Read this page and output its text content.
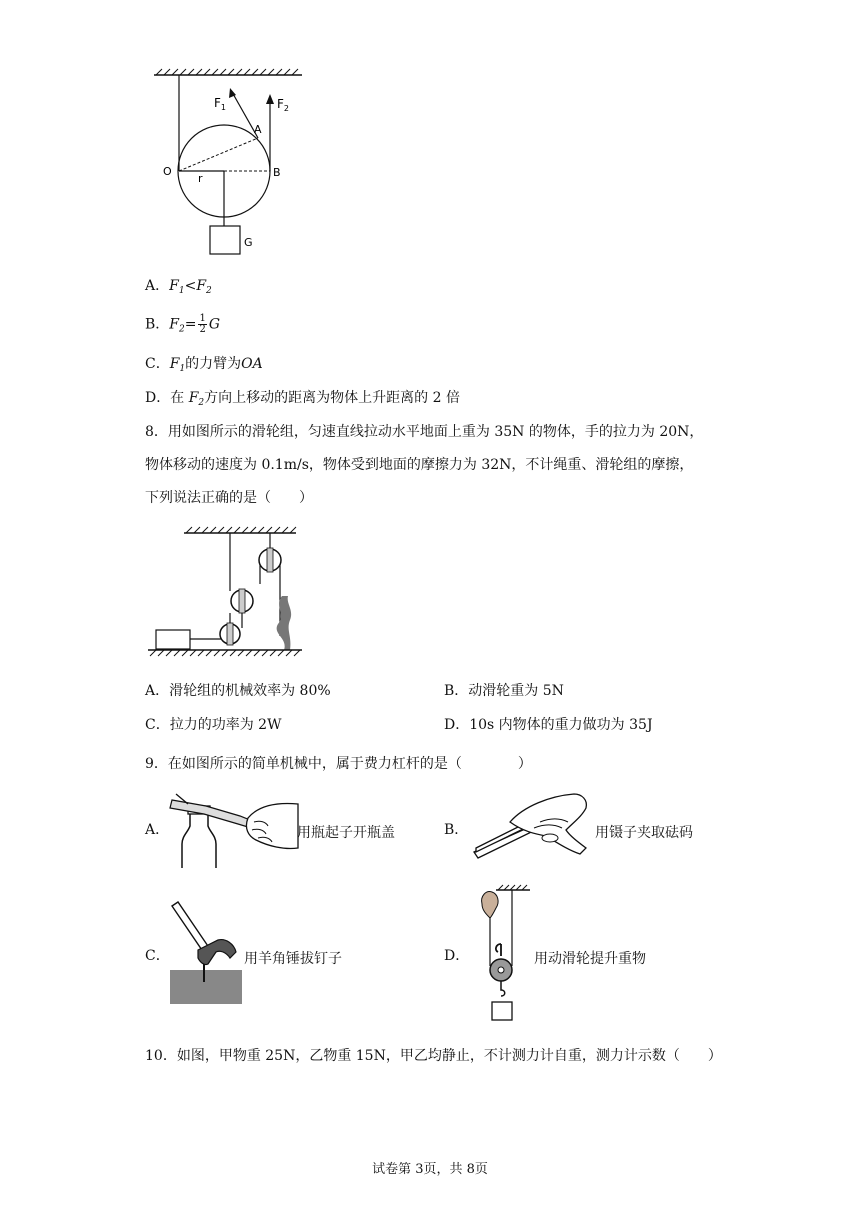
$F_1$	$F_2$
A
O	B
r
G
A．$F_1<F_2$
B．$F_2= \frac{1}{2}$ G
C．$F_1$的力臂为OA
D．在 $F_2$方向上移动的距离为物体上升距离的 2 倍
8．用如图所示的滑轮组，匀速直线拉动水平地面上重为 35N 的物体，手的拉力为 20N，
物体移动的速度为 0.1m/s，物体受到地面的摩擦力为 32N，不计绳重、滑轮组的摩擦，
下列说法正确的是（　　）
A．滑轮组的机械效率为 80%	B．动滑轮重为 5N
C．拉力的功率为 2W	D．10s 内物体的重力做功为 35J
9．在如图所示的简单机械中，属于费力杠杆的是（　　　　）
A．	用瓶起子开瓶盖	B．	用镊子夹取砝码
C．	用羊角锤拔钉子	D．	用动滑轮提升重物
10．如图，甲物重 25N，乙物重 15N，甲乙均静止，不计测力计自重，测力计示数（　　）
试卷第 3页，共 8页
